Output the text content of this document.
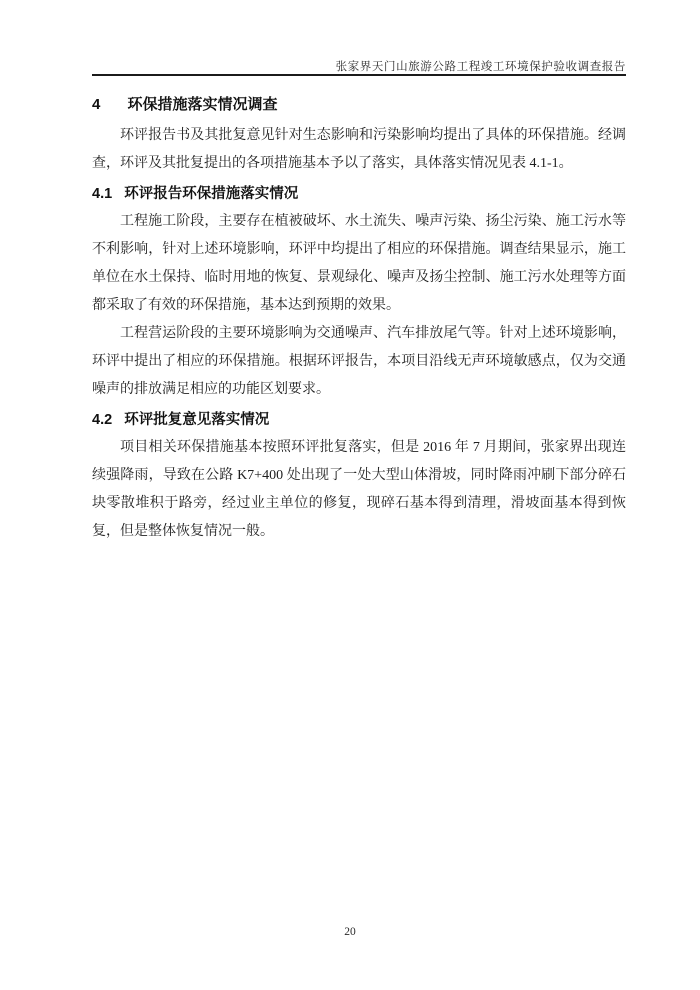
张家界天门山旅游公路工程竣工环境保护验收调查报告
4 环保措施落实情况调查

环评报告书及其批复意见针对生态影响和污染影响均提出了具体的环保措施。经调查，环评及其批复提出的各项措施基本予以了落实，具体落实情况见表 4.1-1。

4.1 环评报告环保措施落实情况

工程施工阶段，主要存在植被破坏、水土流失、噪声污染、扬尘污染、施工污水等不利影响，针对上述环境影响，环评中均提出了相应的环保措施。调查结果显示，施工单位在水土保持、临时用地的恢复、景观绿化、噪声及扬尘控制、施工污水处理等方面都采取了有效的环保措施，基本达到预期的效果。

工程营运阶段的主要环境影响为交通噪声、汽车排放尾气等。针对上述环境影响，环评中提出了相应的环保措施。根据环评报告，本项目沿线无声环境敏感点，仅为交通噪声的排放满足相应的功能区划要求。

4.2 环评批复意见落实情况

项目相关环保措施基本按照环评批复落实，但是 2016 年 7 月期间，张家界出现连续强降雨，导致在公路 K7+400 处出现了一处大型山体滑坡，同时降雨冲刷下部分碎石块零散堆积于路旁，经过业主单位的修复，现碎石基本得到清理，滑坡面基本得到恢复，但是整体恢复情况一般。

20
